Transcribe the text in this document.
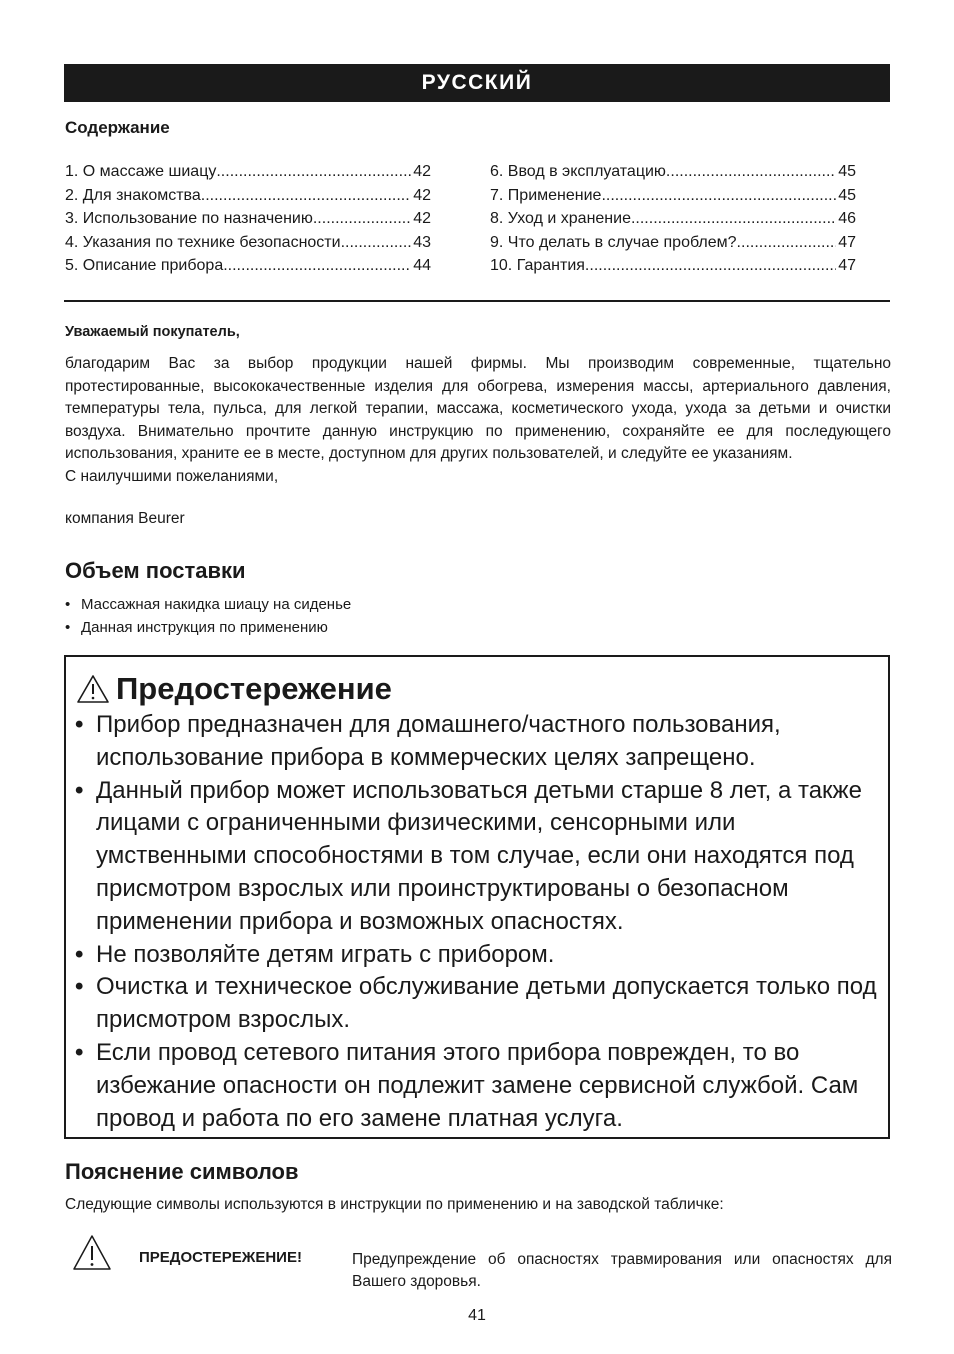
РУССКИЙ
Содержание
1. О массаже шиацу .....	42
2. Для знакомства .....	42
3. Использование по назначению .....	42
4. Указания по технике безопасности .....	43
5. Описание прибора .....	44
6. Ввод в эксплуатацию .....	45
7. Применение .....	45
8. Уход и хранение .....	46
9. Что делать в случае проблем? .....	47
10. Гарантия .....	47
Уважаемый покупатель,

благодарим Вас за выбор продукции нашей фирмы. Мы производим современные, тщательно протестированные, высококачественные изделия для обогрева, измерения массы, артериального давления, температуры тела, пульса, для легкой терапии, массажа, косметического ухода, ухода за детьми и очистки воздуха. Внимательно прочтите данную инструкцию по применению, сохраняйте ее для последующего использования, храните ее в месте, доступном для других пользователей, и следуйте ее указаниям.

С наилучшими пожеланиями,

компания Beurer
Объем поставки
• Массажная накидка шиацу на сиденье
• Данная инструкция по применению
Предостережение
• Прибор предназначен для домашнего/частного пользования, использование прибора в коммерческих целях запрещено.
• Данный прибор может использоваться детьми старше 8 лет, а также лицами с ограниченными физическими, сенсорными или умственными способностями в том случае, если они находятся под присмотром взрослых или проинструктированы о безопасном применении прибора и возможных опасностях.
• Не позволяйте детям играть с прибором.
• Очистка и техническое обслуживание детьми допускается только под присмотром взрослых.
• Если провод сетевого питания этого прибора поврежден, то во избежание опасности он подлежит замене сервисной службой. Сам провод и работа по его замене платная услуга.
Пояснение символов
Следующие символы используются в инструкции по применению и на заводской табличке:
ПРЕДОСТЕРЕЖЕНИЕ!	Предупреждение об опасностях травмирования или опасностях для Вашего здоровья.
41
